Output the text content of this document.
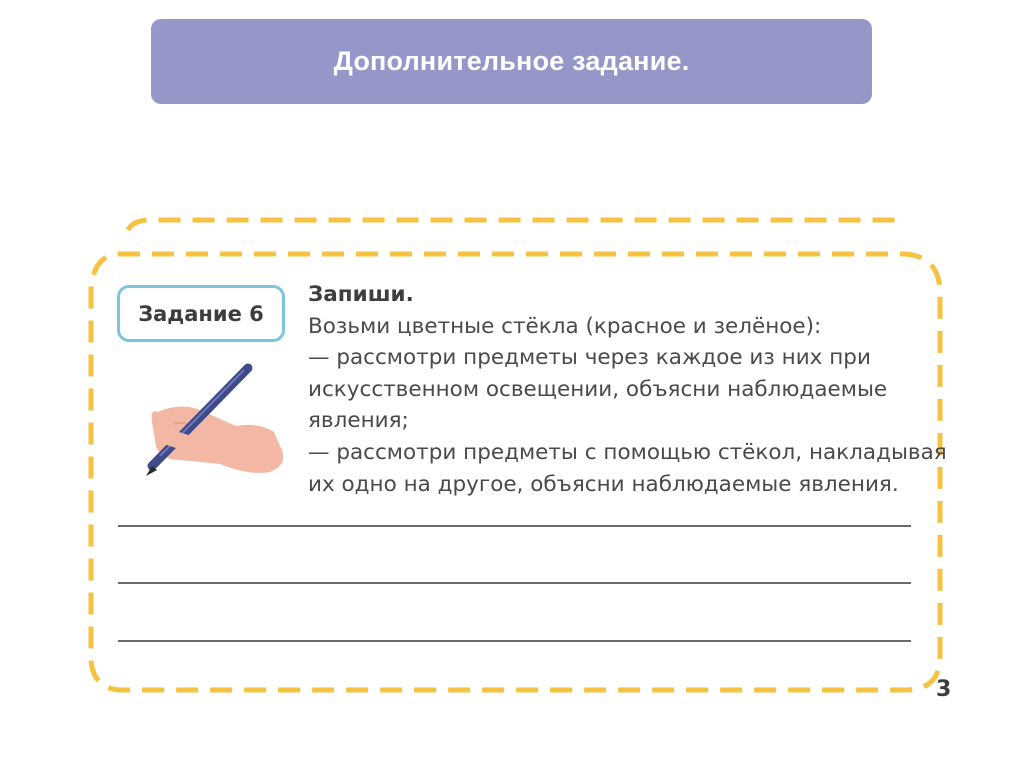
Дополнительное задание.
Задание 6
Запиши.
Возьми цветные стёкла (красное и зелёное):
— рассмотри предметы через каждое из них при
искусственном освещении, объясни наблюдаемые
явления;
— рассмотри предметы с помощью стёкол, накладывая
их одно на другое, объясни наблюдаемые явления.
3
